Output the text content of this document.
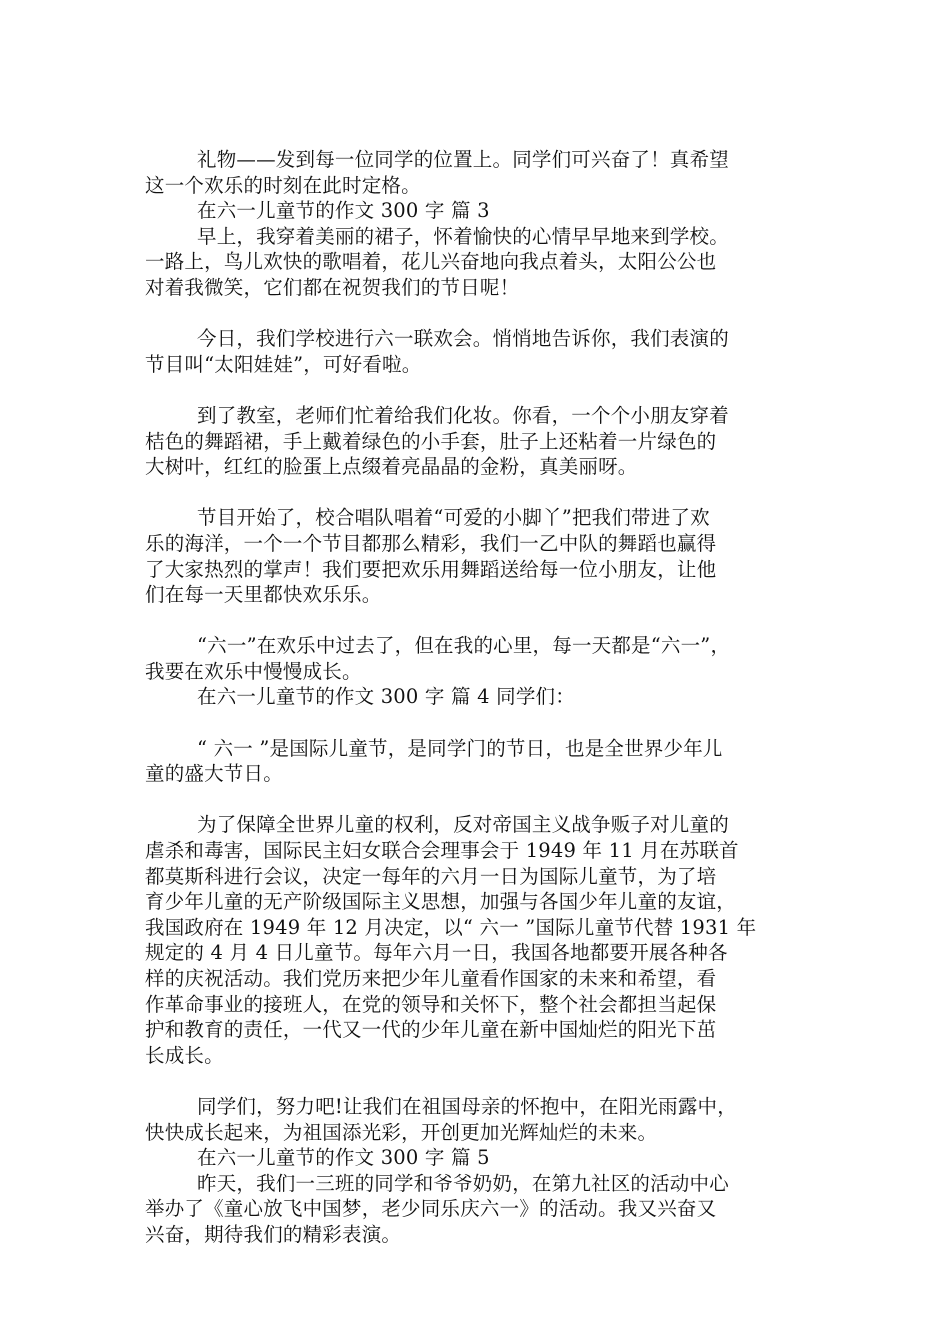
礼物——发到每一位同学的位置上。同学们可兴奋了！真希望
这一个欢乐的时刻在此时定格。
在六一儿童节的作文 300 字 篇 3
早上，我穿着美丽的裙子，怀着愉快的心情早早地来到学校。
一路上，鸟儿欢快的歌唱着，花儿兴奋地向我点着头，太阳公公也
对着我微笑，它们都在祝贺我们的节日呢！
今日，我们学校进行六一联欢会。悄悄地告诉你，我们表演的
节目叫“太阳娃娃”，可好看啦。
到了教室，老师们忙着给我们化妆。你看，一个个小朋友穿着
桔色的舞蹈裙，手上戴着绿色的小手套，肚子上还粘着一片绿色的
大树叶，红红的脸蛋上点缀着亮晶晶的金粉，真美丽呀。
节目开始了，校合唱队唱着“可爱的小脚丫”把我们带进了欢
乐的海洋，一个一个节目都那么精彩，我们一乙中队的舞蹈也赢得
了大家热烈的掌声！我们要把欢乐用舞蹈送给每一位小朋友，让他
们在每一天里都快欢乐乐。
“六一”在欢乐中过去了，但在我的心里，每一天都是“六一”，
我要在欢乐中慢慢成长。
在六一儿童节的作文 300 字 篇 4 同学们：
“ 六一 ”是国际儿童节，是同学门的节日，也是全世界少年儿
童的盛大节日。
为了保障全世界儿童的权利，反对帝国主义战争贩子对儿童的
虐杀和毒害，国际民主妇女联合会理事会于 1949 年 11 月在苏联首
都莫斯科进行会议，决定一每年的六月一日为国际儿童节，为了培
育少年儿童的无产阶级国际主义思想，加强与各国少年儿童的友谊，
我国政府在 1949 年 12 月决定，以“ 六一 ”国际儿童节代替 1931 年
规定的 4 月 4 日儿童节。每年六月一日，我国各地都要开展各种各
样的庆祝活动。我们党历来把少年儿童看作国家的未来和希望，看
作革命事业的接班人，在党的领导和关怀下，整个社会都担当起保
护和教育的责任，一代又一代的少年儿童在新中国灿烂的阳光下茁
长成长。
同学们，努力吧!让我们在祖国母亲的怀抱中，在阳光雨露中，
快快成长起来，为祖国添光彩，开创更加光辉灿烂的未来。
在六一儿童节的作文 300 字 篇 5
昨天，我们一三班的同学和爷爷奶奶，在第九社区的活动中心
举办了《童心放飞中国梦，老少同乐庆六一》的活动。我又兴奋又
兴奋，期待我们的精彩表演。
